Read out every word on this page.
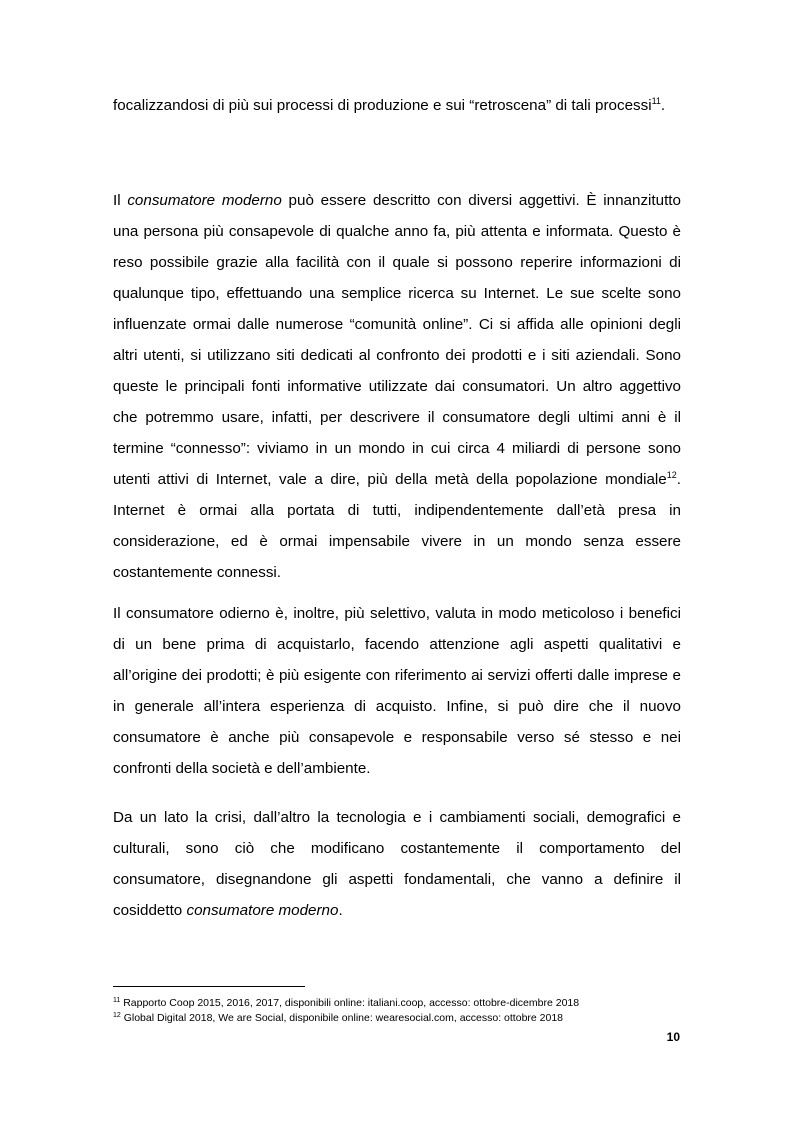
focalizzandosi di più sui processi di produzione e sui “retroscena” di tali processi$^{11}$.

Il consumatore moderno può essere descritto con diversi aggettivi. È innanzitutto una persona più consapevole di qualche anno fa, più attenta e informata. Questo è reso possibile grazie alla facilità con il quale si possono reperire informazioni di qualunque tipo, effettuando una semplice ricerca su Internet. Le sue scelte sono influenzate ormai dalle numerose “comunità online”. Ci si affida alle opinioni degli altri utenti, si utilizzano siti dedicati al confronto dei prodotti e i siti aziendali. Sono queste le principali fonti informative utilizzate dai consumatori. Un altro aggettivo che potremmo usare, infatti, per descrivere il consumatore degli ultimi anni è il termine “connesso”: viviamo in un mondo in cui circa 4 miliardi di persone sono utenti attivi di Internet, vale a dire, più della metà della popolazione mondiale$^{12}$. Internet è ormai alla portata di tutti, indipendentemente dall’età presa in considerazione, ed è ormai impensabile vivere in un mondo senza essere costantemente connessi.

Il consumatore odierno è, inoltre, più selettivo, valuta in modo meticoloso i benefici di un bene prima di acquistarlo, facendo attenzione agli aspetti qualitativi e all’origine dei prodotti; è più esigente con riferimento ai servizi offerti dalle imprese e in generale all’intera esperienza di acquisto. Infine, si può dire che il nuovo consumatore è anche più consapevole e responsabile verso sé stesso e nei confronti della società e dell’ambiente.

Da un lato la crisi, dall’altro la tecnologia e i cambiamenti sociali, demografici e culturali, sono ciò che modificano costantemente il comportamento del consumatore, disegnandone gli aspetti fondamentali, che vanno a definire il cosiddetto consumatore moderno.

$^{11}$ Rapporto Coop 2015, 2016, 2017, disponibili online: italiani.coop, accesso: ottobre-dicembre 2018

$^{12}$ Global Digital 2018, We are Social, disponibile online: wearesocial.com, accesso: ottobre 2018

10
